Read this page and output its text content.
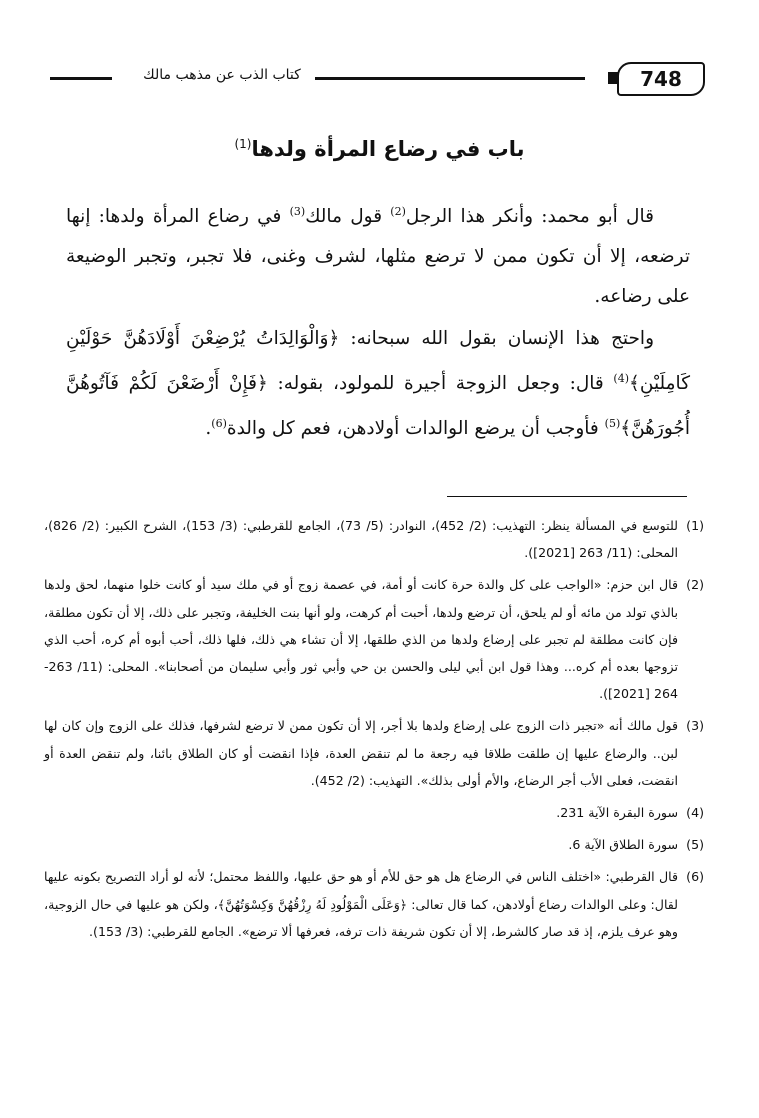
كتاب الذب عن مذهب مالك	748
باب في رضاع المرأة ولدها$^{(1)}$

قال أبو محمد: وأنكر هذا الرجل$^{(2)}$ قول مالك$^{(3)}$ في رضاع المرأة ولدها: إنها ترضعه، إلا أن تكون ممن لا ترضع مثلها، لشرف وغنى، فلا تجبر، وتجبر الوضيعة على رضاعه.

واحتج هذا الإنسان بقول الله سبحانه: ﴿وَالْوَالِدَاتُ يُرْضِعْنَ أَوْلَادَهُنَّ حَوْلَيْنِ كَامِلَيْنِ﴾$^{(4)}$ قال: وجعل الزوجة أجيرة للمولود، بقوله: ﴿فَإِنْ أَرْضَعْنَ لَكُمْ فَآتُوهُنَّ أُجُورَهُنَّ﴾$^{(5)}$ فأوجب أن يرضع الوالدات أولادهن، فعم كل والدة$^{(6)}$.

(1)
للتوسع في المسألة ينظر: التهذيب: (2/ 452)، النوادر: (5/ 73)، الجامع للقرطبي: (3/ 153)، الشرح الكبير: (2/ 826)، المحلى: (11/ 263 [2021]).

(2)
قال ابن حزم: «الواجب على كل والدة حرة كانت أو أمة، في عصمة زوج أو في ملك سيد أو كانت خلوا منهما، لحق ولدها بالذي تولد من مائه أو لم يلحق، أن ترضع ولدها، أحبت أم كرهت، ولو أنها بنت الخليفة، وتجبر على ذلك، إلا أن تكون مطلقة، فإن كانت مطلقة لم تجبر على إرضاع ولدها من الذي طلقها، إلا أن تشاء هي ذلك، فلها ذلك، أحب أبوه أم كره، أحب الذي تزوجها بعده أم كره... وهذا قول ابن أبي ليلى والحسن بن حي وأبي ثور وأبي سليمان من أصحابنا». المحلى: (11/ 263-264 [2021]).

(3)
قول مالك أنه «تجبر ذات الزوج على إرضاع ولدها بلا أجر، إلا أن تكون ممن لا ترضع لشرفها، فذلك على الزوج وإن كان لها لبن.. والرضاع عليها إن طلقت طلاقا فيه رجعة ما لم تنقض العدة، فإذا انقضت أو كان الطلاق بائنا، ولم تنقض العدة أو انقضت، فعلى الأب أجر الرضاع، والأم أولى بذلك». التهذيب: (2/ 452).

(4)
سورة البقرة الآية 231.

(5)
سورة الطلاق الآية 6.

(6)
قال القرطبي: «اختلف الناس في الرضاع هل هو حق للأم أو هو حق عليها، واللفظ محتمل؛ لأنه لو أراد التصريح بكونه عليها لقال: وعلى الوالدات رضاع أولادهن، كما قال تعالى: ﴿وَعَلَى الْمَوْلُودِ لَهُ رِزْقُهُنَّ وَكِسْوَتُهُنَّ﴾، ولكن هو عليها في حال الزوجية، وهو عرف يلزم، إذ قد صار كالشرط، إلا أن تكون شريفة ذات ترفه، فعرفها ألا ترضع». الجامع للقرطبي: (3/ 153).
